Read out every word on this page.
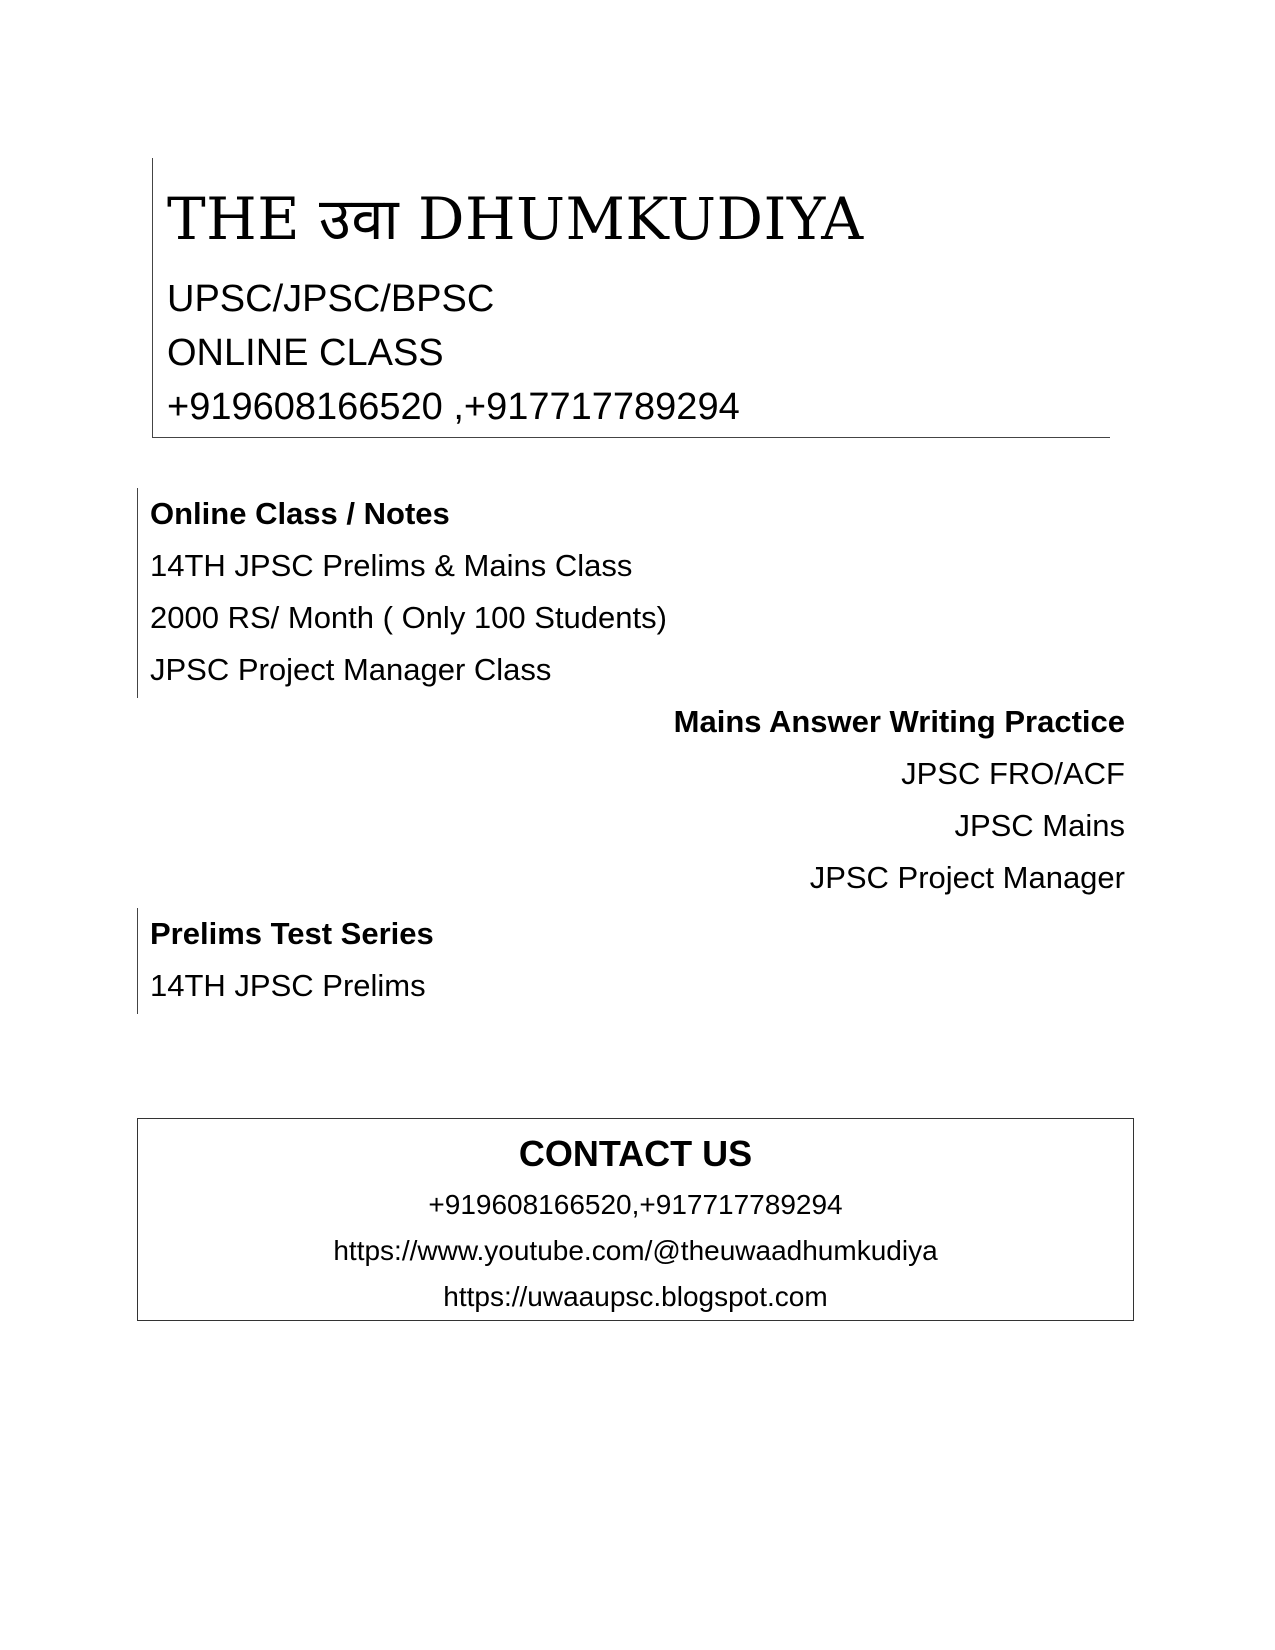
THE उवा DHUMKUDIYA
UPSC/JPSC/BPSC
ONLINE CLASS
+919608166520 ,+917717789294
Online Class / Notes
14TH JPSC Prelims & Mains Class
2000 RS/ Month ( Only 100 Students)
JPSC Project Manager Class
Mains Answer Writing Practice
JPSC FRO/ACF
JPSC Mains
JPSC Project Manager
Prelims Test Series
14TH JPSC Prelims
CONTACT US
+919608166520,+917717789294
https://www.youtube.com/@theuwaadhumkudiya
https://uwaaupsc.blogspot.com
